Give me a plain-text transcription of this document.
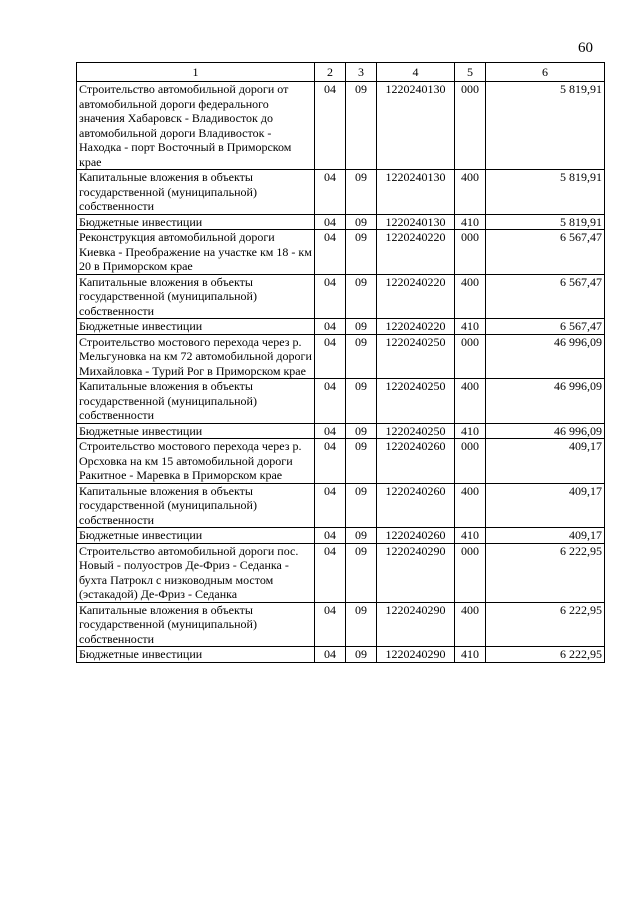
60
1	2	3	4	5	6
Строительство автомобильной дороги от автомобильной дороги федерального значения Хабаровск - Владивосток до автомобильной дороги Владивосток - Находка - порт Восточный в Приморском крае	04	09	1220240130	000	5 819,91
Капитальные вложения в объекты государственной (муниципальной) собственности	04	09	1220240130	400	5 819,91
Бюджетные инвестиции	04	09	1220240130	410	5 819,91
Реконструкция автомобильной дороги Киевка - Преображение на участке км 18 - км 20 в Приморском крае	04	09	1220240220	000	6 567,47
Капитальные вложения в объекты государственной (муниципальной) собственности	04	09	1220240220	400	6 567,47
Бюджетные инвестиции	04	09	1220240220	410	6 567,47
Строительство мостового перехода через р. Мельгуновка на км 72 автомобильной дороги Михайловка - Турий Рог в Приморском крае	04	09	1220240250	000	46 996,09
Капитальные вложения в объекты государственной (муниципальной) собственности	04	09	1220240250	400	46 996,09
Бюджетные инвестиции	04	09	1220240250	410	46 996,09
Строительство мостового перехода через р. Орсховка на км 15 автомобильной дороги Ракитное - Маревка в Приморском крае	04	09	1220240260	000	409,17
Капитальные вложения в объекты государственной (муниципальной) собственности	04	09	1220240260	400	409,17
Бюджетные инвестиции	04	09	1220240260	410	409,17
Строительство автомобильной дороги пос. Новый - полуостров Де-Фриз - Седанка - бухта Патрокл с низководным мостом (эстакадой) Де-Фриз - Седанка	04	09	1220240290	000	6 222,95
Капитальные вложения в объекты государственной (муниципальной) собственности	04	09	1220240290	400	6 222,95
Бюджетные инвестиции	04	09	1220240290	410	6 222,95
